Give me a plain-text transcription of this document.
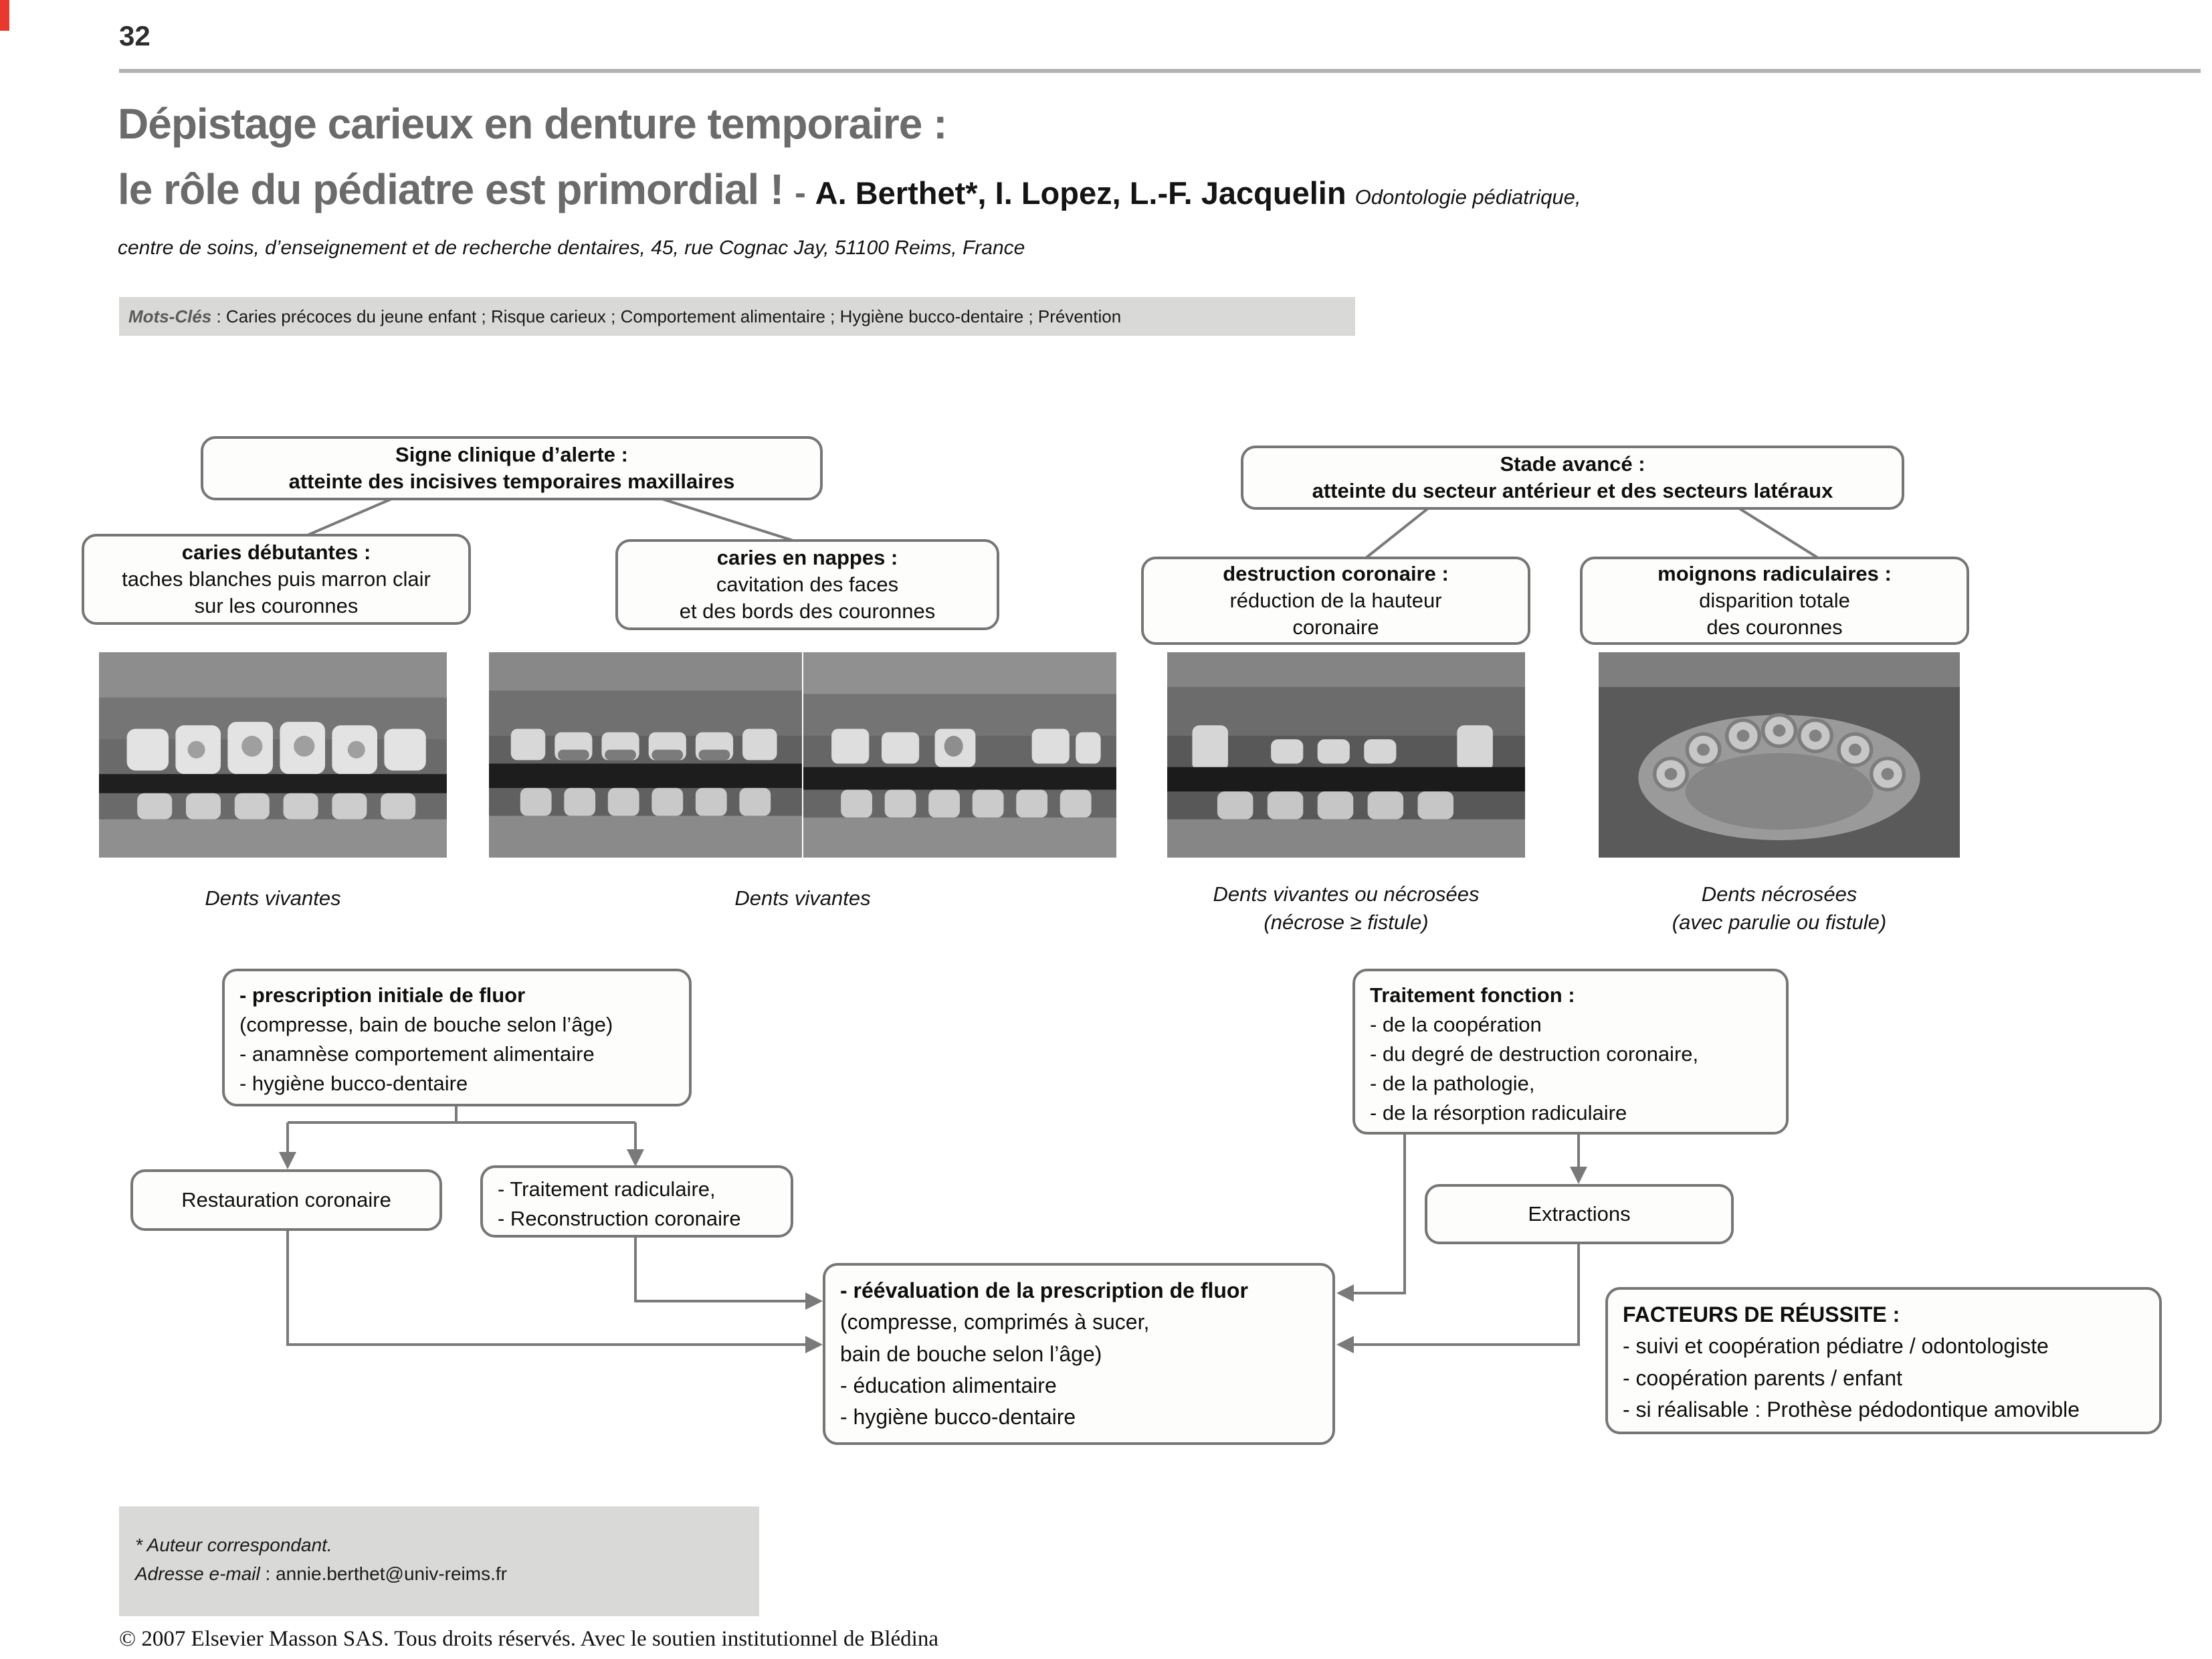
32
Dépistage carieux en denture temporaire :
le rôle du pédiatre est primordial ! - A. Berthet*, I. Lopez, L.-F. Jacquelin Odontologie pédiatrique,
centre de soins, d’enseignement et de recherche dentaires, 45, rue Cognac Jay, 51100 Reims, France
Mots-Clés : Caries précoces du jeune enfant ; Risque carieux ; Comportement alimentaire ; Hygiène bucco-dentaire ; Prévention
Signe clinique d’alerte :
atteinte des incisives temporaires maxillaires
Stade avancé :
atteinte du secteur antérieur et des secteurs latéraux
caries débutantes :
taches blanches puis marron clair
sur les couronnes
caries en nappes :
cavitation des faces
et des bords des couronnes
destruction coronaire :
réduction de la hauteur
coronaire
moignons radiculaires :
disparition totale
des couronnes
Dents vivantes	Dents vivantes	Dents vivantes ou nécrosées
(nécrose ≥ fistule)
Dents nécrosées
(avec parulie ou fistule)
- prescription initiale de fluor
(compresse, bain de bouche selon l’âge)
- anamnèse comportement alimentaire
- hygiène bucco-dentaire
Traitement fonction :
- de la coopération
- du degré de destruction coronaire,
- de la pathologie,
- de la résorption radiculaire
Restauration coronaire	- Traitement radiculaire,
- Reconstruction coronaire	Extractions
- réévaluation de la prescription de fluor
(compresse, comprimés à sucer,
bain de bouche selon l’âge)
- éducation alimentaire
- hygiène bucco-dentaire
FACTEURS DE RÉUSSITE :
- suivi et coopération pédiatre / odontologiste
- coopération parents / enfant
- si réalisable : Prothèse pédodontique amovible
* Auteur correspondant.
Adresse e-mail : annie.berthet@univ-reims.fr
© 2007 Elsevier Masson SAS. Tous droits réservés. Avec le soutien institutionnel de Blédina
